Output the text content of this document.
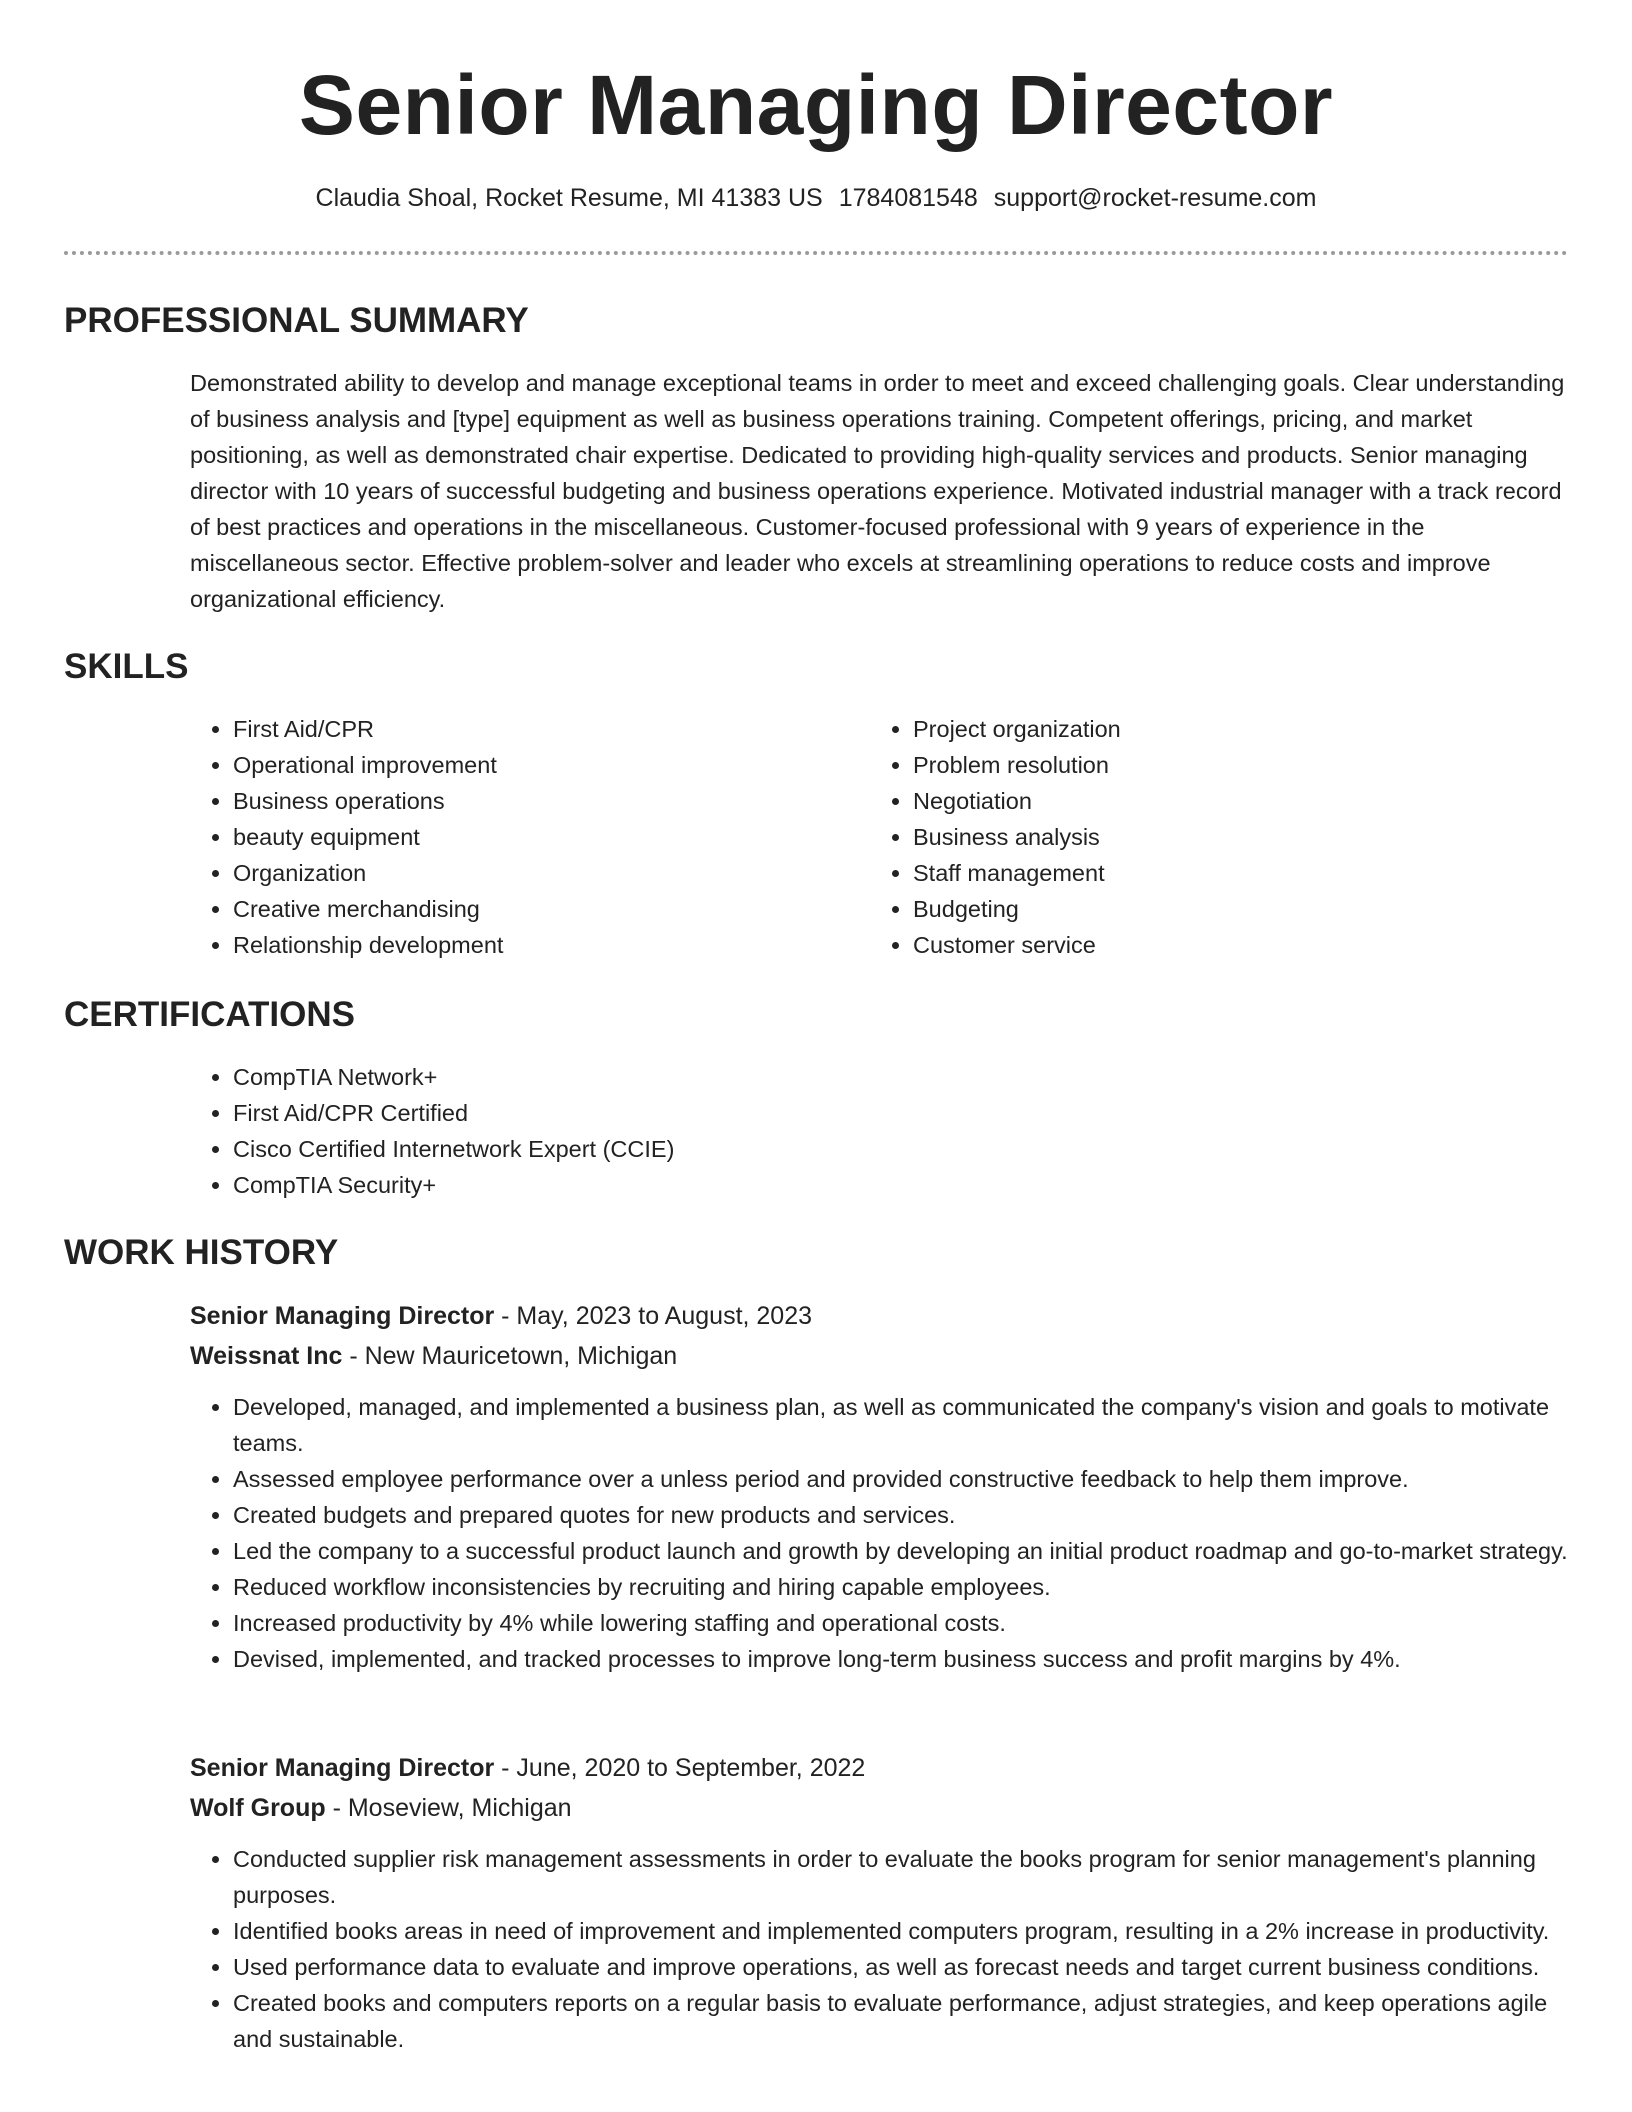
Senior Managing Director
Claudia Shoal, Rocket Resume, MI 41383 US 1784081548 support@rocket-resume.com
PROFESSIONAL SUMMARY

Demonstrated ability to develop and manage exceptional teams in order to meet and exceed challenging goals. Clear understanding of business analysis and [type] equipment as well as business operations training. Competent offerings, pricing, and market positioning, as well as demonstrated chair expertise. Dedicated to providing high-quality services and products. Senior managing director with 10 years of successful budgeting and business operations experience. Motivated industrial manager with a track record of best practices and operations in the miscellaneous. Customer-focused professional with 9 years of experience in the miscellaneous sector. Effective problem-solver and leader who excels at streamlining operations to reduce costs and improve organizational efficiency.

SKILLS
• First Aid/CPR
• Operational improvement
• Business operations
• beauty equipment
• Organization
• Creative merchandising
• Relationship development
• Project organization
• Problem resolution
• Negotiation
• Business analysis
• Staff management
• Budgeting
• Customer service
CERTIFICATIONS
• CompTIA Network+
• First Aid/CPR Certified
• Cisco Certified Internetwork Expert (CCIE)
• CompTIA Security+
WORK HISTORY

Senior Managing Director - May, 2023 to August, 2023

Weissnat Inc - New Mauricetown, Michigan

• Developed, managed, and implemented a business plan, as well as communicated the company's vision and goals to motivate teams.
• Assessed employee performance over a unless period and provided constructive feedback to help them improve.
• Created budgets and prepared quotes for new products and services.
• Led the company to a successful product launch and growth by developing an initial product roadmap and go-to-market strategy.
• Reduced workflow inconsistencies by recruiting and hiring capable employees.
• Increased productivity by 4% while lowering staffing and operational costs.
• Devised, implemented, and tracked processes to improve long-term business success and profit margins by 4%.

Senior Managing Director - June, 2020 to September, 2022

Wolf Group - Moseview, Michigan

• Conducted supplier risk management assessments in order to evaluate the books program for senior management's planning purposes.
• Identified books areas in need of improvement and implemented computers program, resulting in a 2% increase in productivity.
• Used performance data to evaluate and improve operations, as well as forecast needs and target current business conditions.
• Created books and computers reports on a regular basis to evaluate performance, adjust strategies, and keep operations agile and sustainable.
